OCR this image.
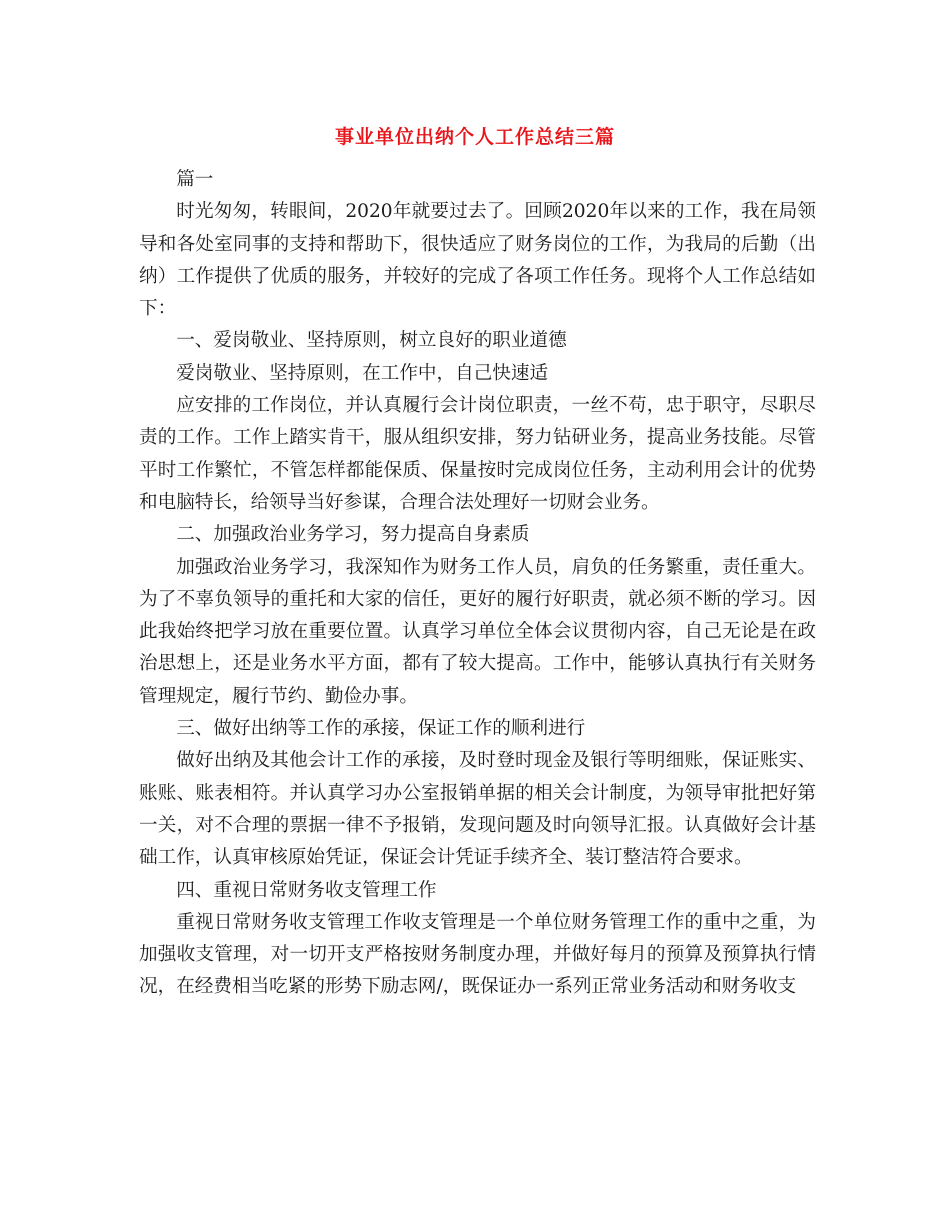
事业单位出纳个人工作总结三篇

篇一

时光匆匆，转眼间，2020年就要过去了。回顾2020年以来的工作，我在局领导和各处室同事的支持和帮助下，很快适应了财务岗位的工作，为我局的后勤（出纳）工作提供了优质的服务，并较好的完成了各项工作任务。现将个人工作总结如下：

一、爱岗敬业、坚持原则，树立良好的职业道德

爱岗敬业、坚持原则，在工作中，自己快速适

应安排的工作岗位，并认真履行会计岗位职责，一丝不苟，忠于职守，尽职尽责的工作。工作上踏实肯干，服从组织安排，努力钻研业务，提高业务技能。尽管平时工作繁忙，不管怎样都能保质、保量按时完成岗位任务，主动利用会计的优势和电脑特长，给领导当好参谋，合理合法处理好一切财会业务。

二、加强政治业务学习，努力提高自身素质

加强政治业务学习，我深知作为财务工作人员，肩负的任务繁重，责任重大。为了不辜负领导的重托和大家的信任，更好的履行好职责，就必须不断的学习。因此我始终把学习放在重要位置。认真学习单位全体会议贯彻内容，自己无论是在政治思想上，还是业务水平方面，都有了较大提高。工作中，能够认真执行有关财务管理规定，履行节约、勤俭办事。

三、做好出纳等工作的承接，保证工作的顺利进行

做好出纳及其他会计工作的承接，及时登时现金及银行等明细账，保证账实、账账、账表相符。并认真学习办公室报销单据的相关会计制度，为领导审批把好第一关，对不合理的票据一律不予报销，发现问题及时向领导汇报。认真做好会计基础工作，认真审核原始凭证，保证会计凭证手续齐全、装订整洁符合要求。

四、重视日常财务收支管理工作

重视日常财务收支管理工作收支管理是一个单位财务管理工作的重中之重，为加强收支管理，对一切开支严格按财务制度办理，并做好每月的预算及预算执行情况，在经费相当吃紧的形势下励志网/，既保证办一系列正常业务活动和财务收支
